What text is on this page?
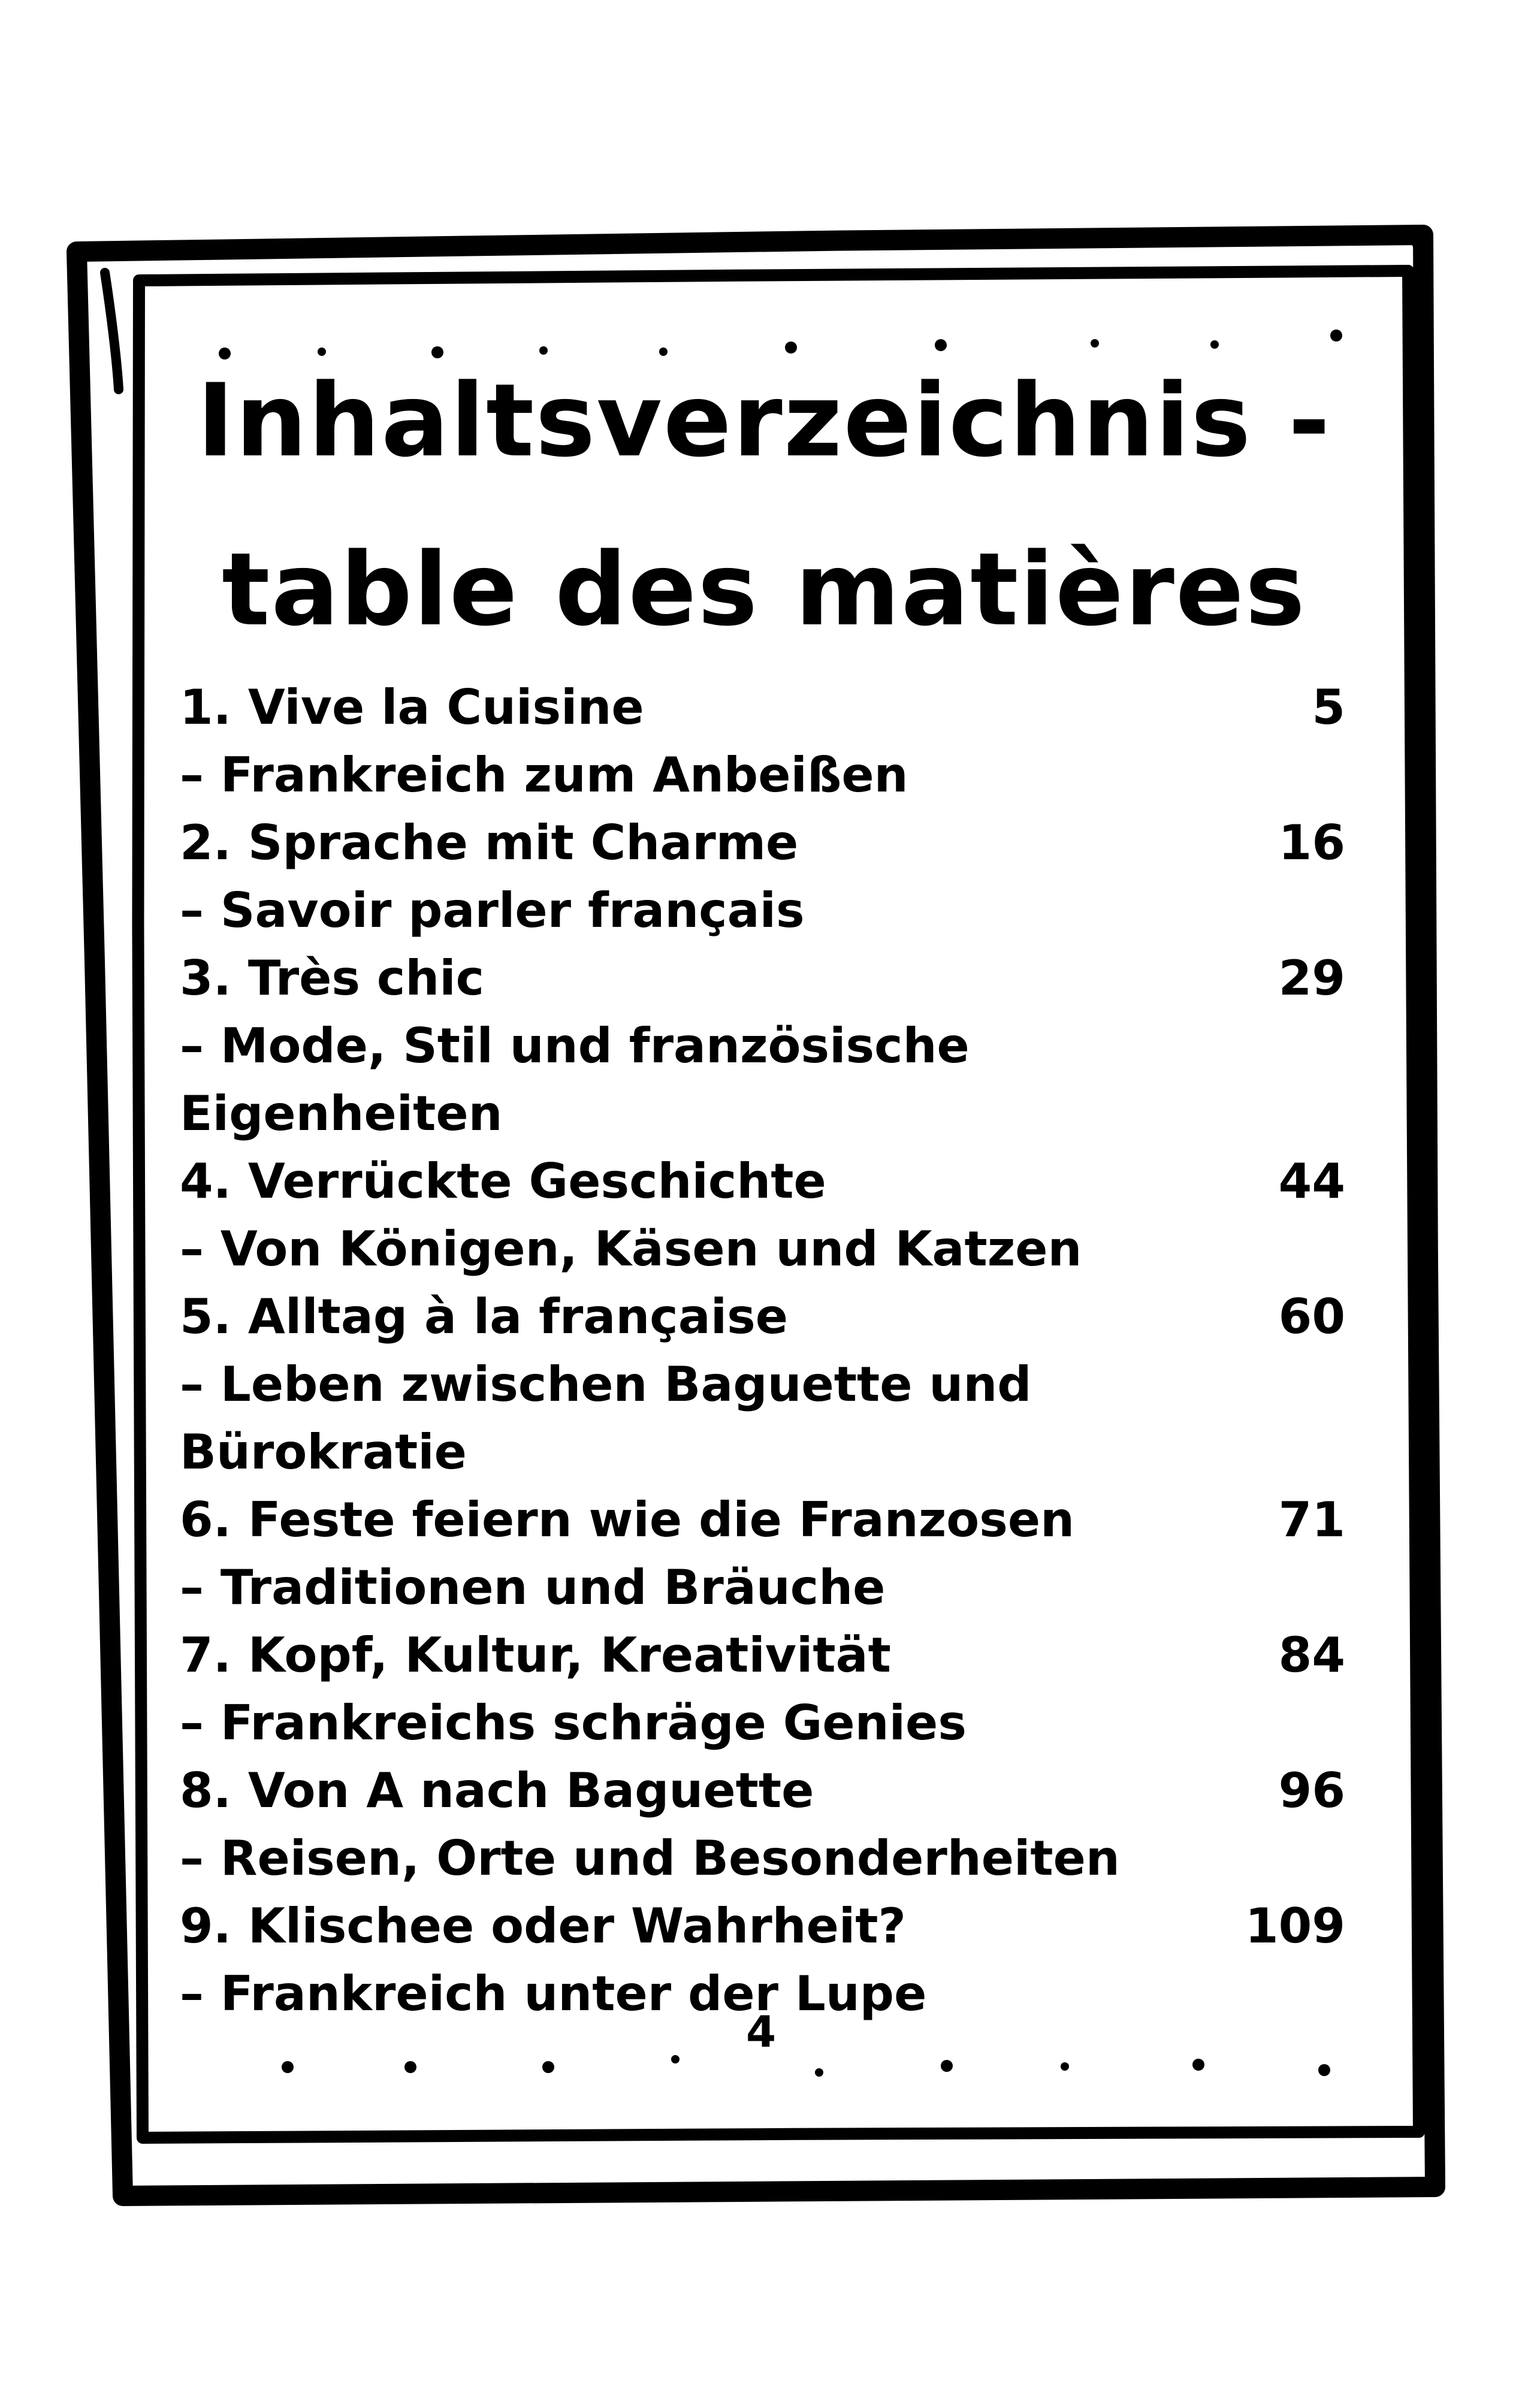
Inhaltsverzeichnis -
table des matières
1. Vive la Cuisine	5
– Frankreich zum Anbeißen
2. Sprache mit Charme	16
– Savoir parler français
3. Très chic	29
– Mode, Stil und französische
Eigenheiten
4. Verrückte Geschichte	44
– Von Königen, Käsen und Katzen
5. Alltag à la française	60
– Leben zwischen Baguette und
Bürokratie
6. Feste feiern wie die Franzosen	71
– Traditionen und Bräuche
7. Kopf, Kultur, Kreativität	84
– Frankreichs schräge Genies
8. Von A nach Baguette	96
– Reisen, Orte und Besonderheiten
9. Klischee oder Wahrheit?	109
– Frankreich unter der Lupe
4
